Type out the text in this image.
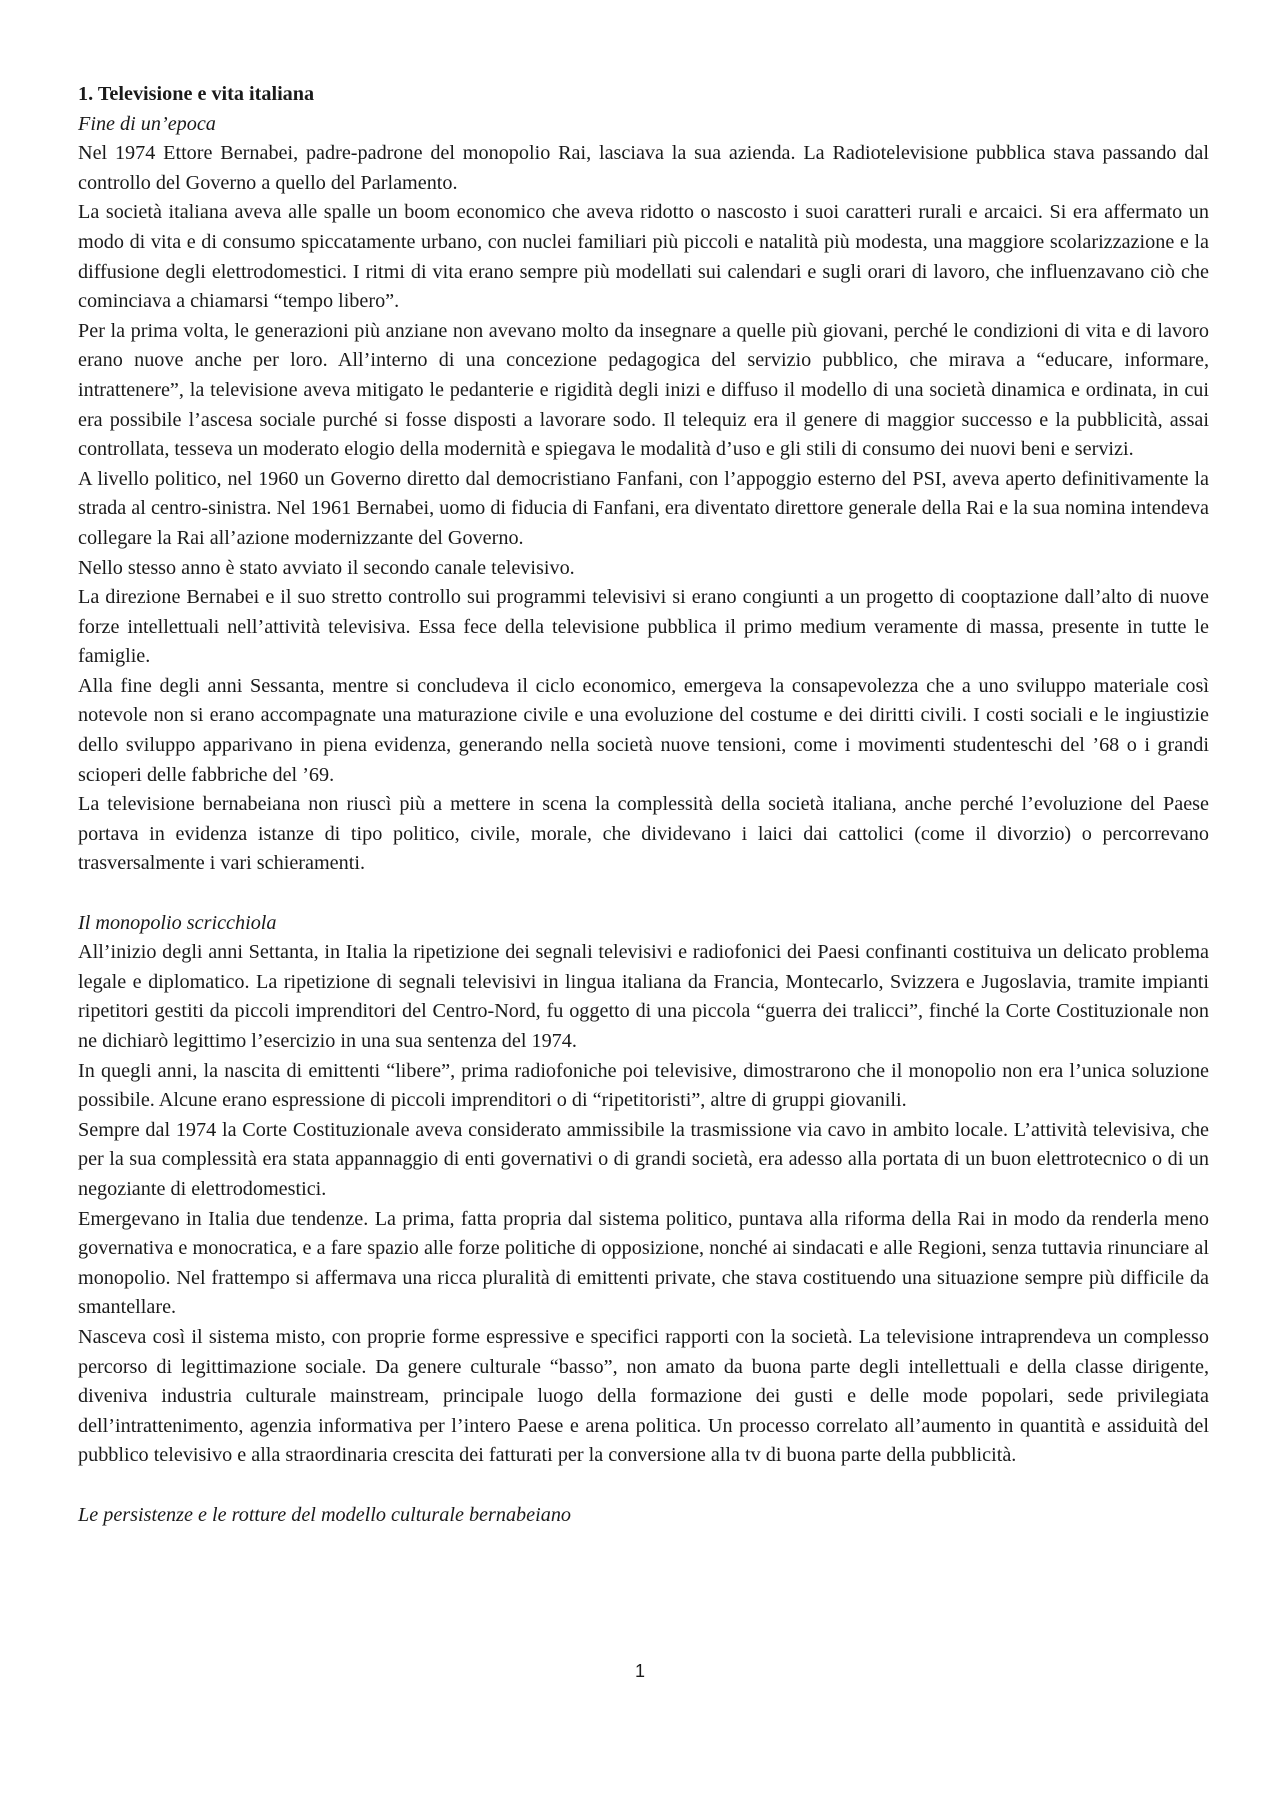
1. Televisione e vita italiana

Fine di un’epoca

Nel 1974 Ettore Bernabei, padre-padrone del monopolio Rai, lasciava la sua azienda. La Radiotelevisione pubblica stava passando dal controllo del Governo a quello del Parlamento.

La società italiana aveva alle spalle un boom economico che aveva ridotto o nascosto i suoi caratteri rurali e arcaici. Si era affermato un modo di vita e di consumo spiccatamente urbano, con nuclei familiari più piccoli e natalità più modesta, una maggiore scolarizzazione e la diffusione degli elettrodomestici. I ritmi di vita erano sempre più modellati sui calendari e sugli orari di lavoro, che influenzavano ciò che cominciava a chiamarsi “tempo libero”.

Per la prima volta, le generazioni più anziane non avevano molto da insegnare a quelle più giovani, perché le condizioni di vita e di lavoro erano nuove anche per loro. All’interno di una concezione pedagogica del servizio pubblico, che mirava a “educare, informare, intrattenere”, la televisione aveva mitigato le pedanterie e rigidità degli inizi e diffuso il modello di una società dinamica e ordinata, in cui era possibile l’ascesa sociale purché si fosse disposti a lavorare sodo. Il telequiz era il genere di maggior successo e la pubblicità, assai controllata, tesseva un moderato elogio della modernità e spiegava le modalità d’uso e gli stili di consumo dei nuovi beni e servizi.

A livello politico, nel 1960 un Governo diretto dal democristiano Fanfani, con l’appoggio esterno del PSI, aveva aperto definitivamente la strada al centro-sinistra. Nel 1961 Bernabei, uomo di fiducia di Fanfani, era diventato direttore generale della Rai e la sua nomina intendeva collegare la Rai all’azione modernizzante del Governo.

Nello stesso anno è stato avviato il secondo canale televisivo.

La direzione Bernabei e il suo stretto controllo sui programmi televisivi si erano congiunti a un progetto di cooptazione dall’alto di nuove forze intellettuali nell’attività televisiva. Essa fece della televisione pubblica il primo medium veramente di massa, presente in tutte le famiglie.

Alla fine degli anni Sessanta, mentre si concludeva il ciclo economico, emergeva la consapevolezza che a uno sviluppo materiale così notevole non si erano accompagnate una maturazione civile e una evoluzione del costume e dei diritti civili. I costi sociali e le ingiustizie dello sviluppo apparivano in piena evidenza, generando nella società nuove tensioni, come i movimenti studenteschi del ’68 o i grandi scioperi delle fabbriche del ’69.

La televisione bernabeiana non riuscì più a mettere in scena la complessità della società italiana, anche perché l’evoluzione del Paese portava in evidenza istanze di tipo politico, civile, morale, che dividevano i laici dai cattolici (come il divorzio) o percorrevano trasversalmente i vari schieramenti.

Il monopolio scricchiola

All’inizio degli anni Settanta, in Italia la ripetizione dei segnali televisivi e radiofonici dei Paesi confinanti costituiva un delicato problema legale e diplomatico. La ripetizione di segnali televisivi in lingua italiana da Francia, Montecarlo, Svizzera e Jugoslavia, tramite impianti ripetitori gestiti da piccoli imprenditori del Centro-Nord, fu oggetto di una piccola “guerra dei tralicci”, finché la Corte Costituzionale non ne dichiarò legittimo l’esercizio in una sua sentenza del 1974.

In quegli anni, la nascita di emittenti “libere”, prima radiofoniche poi televisive, dimostrarono che il monopolio non era l’unica soluzione possibile. Alcune erano espressione di piccoli imprenditori o di “ripetitoristi”, altre di gruppi giovanili.

Sempre dal 1974 la Corte Costituzionale aveva considerato ammissibile la trasmissione via cavo in ambito locale. L’attività televisiva, che per la sua complessità era stata appannaggio di enti governativi o di grandi società, era adesso alla portata di un buon elettrotecnico o di un negoziante di elettrodomestici.

Emergevano in Italia due tendenze. La prima, fatta propria dal sistema politico, puntava alla riforma della Rai in modo da renderla meno governativa e monocratica, e a fare spazio alle forze politiche di opposizione, nonché ai sindacati e alle Regioni, senza tuttavia rinunciare al monopolio. Nel frattempo si affermava una ricca pluralità di emittenti private, che stava costituendo una situazione sempre più difficile da smantellare.

Nasceva così il sistema misto, con proprie forme espressive e specifici rapporti con la società. La televisione intraprendeva un complesso percorso di legittimazione sociale. Da genere culturale “basso”, non amato da buona parte degli intellettuali e della classe dirigente, diveniva industria culturale mainstream, principale luogo della formazione dei gusti e delle mode popolari, sede privilegiata dell’intrattenimento, agenzia informativa per l’intero Paese e arena politica. Un processo correlato all’aumento in quantità e assiduità del pubblico televisivo e alla straordinaria crescita dei fatturati per la conversione alla tv di buona parte della pubblicità.

Le persistenze e le rotture del modello culturale bernabeiano

1
